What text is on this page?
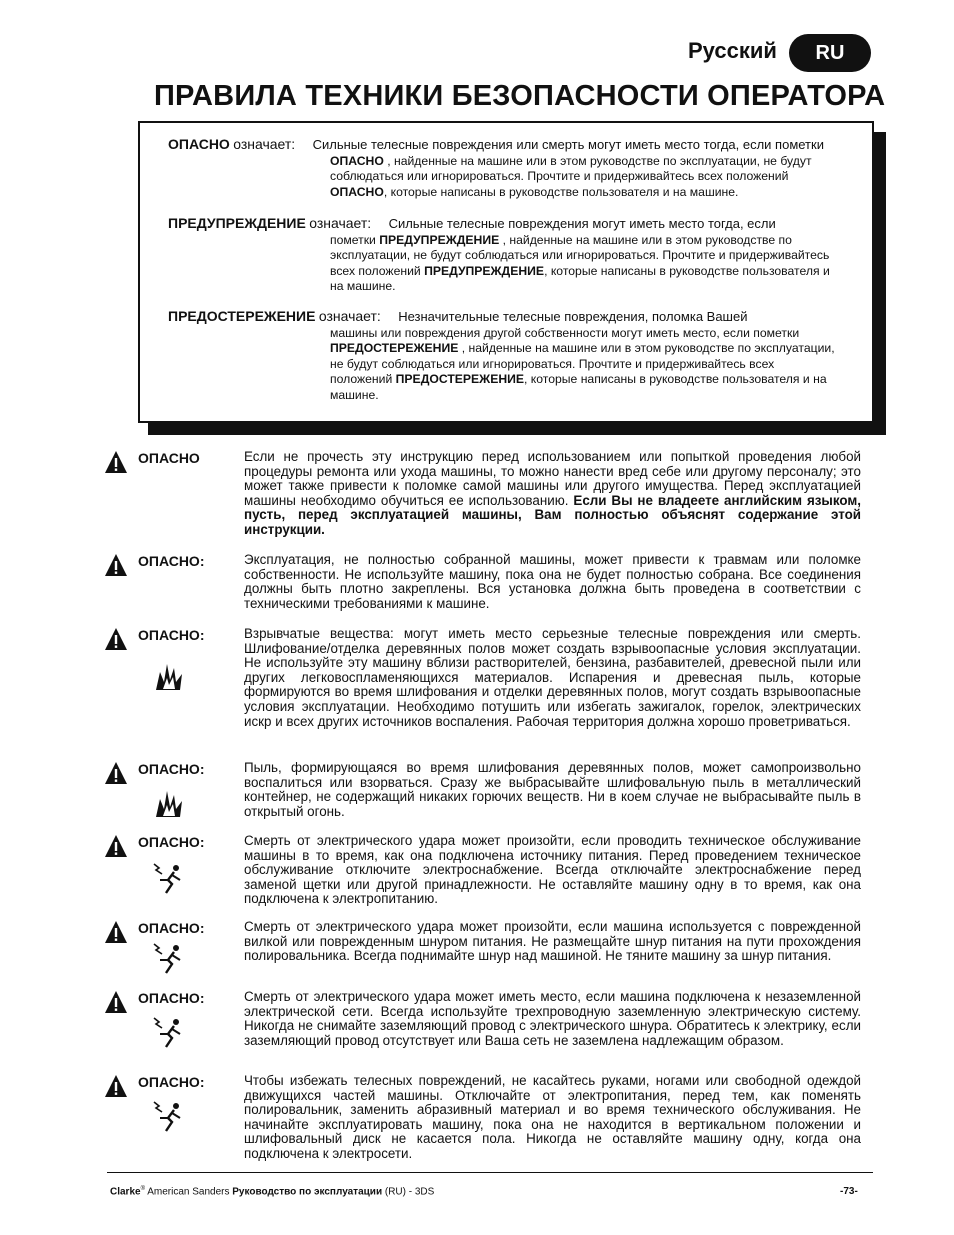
Русский	RU
ПРАВИЛА ТЕХНИКИ БЕЗОПАСНОСТИ ОПЕРАТОРА
ОПАСНО означает: Сильные телесные повреждения или смерть могут иметь место тогда, если пометки
ОПАСНО , найденные на машине или в этом руководстве по эксплуатации, не будут
соблюдаться или игнорироваться. Прочтите и придерживайтесь всех положений
ОПАСНО, которые написаны в руководстве пользователя и на машине.
ПРЕДУПРЕЖДЕНИЕ означает: Сильные телесные повреждения могут иметь место тогда, если
пометки ПРЕДУПРЕЖДЕНИЕ , найденные на машине или в этом руководстве по
эксплуатации, не будут соблюдаться или игнорироваться. Прочтите и придерживайтесь
всех положений ПРЕДУПРЕЖДЕНИЕ, которые написаны в руководстве пользователя и
на машине.
ПРЕДОСТЕРЕЖЕНИЕ означает: Незначительные телесные повреждения, поломка Вашей
машины или повреждения другой собственности могут иметь место, если пометки
ПРЕДОСТЕРЕЖЕНИЕ , найденные на машине или в этом руководстве по эксплуатации,
не будут соблюдаться или игнорироваться. Прочтите и придерживайтесь всех
положений ПРЕДОСТЕРЕЖЕНИЕ, которые написаны в руководстве пользователя и на
машине.
ОПАСНО	Если не прочесть эту инструкцию перед использованием или попыткой проведения любой процедуры ремонта или ухода машины, то можно нанести вред себе или другому персоналу; это может также привести к поломке самой машины или другого имущества. Перед эксплуатацией машины необходимо обучиться ее использованию. Если Вы не владеете английским языком, пусть, перед эксплуатацией машины, Вам полностью объяснят содержание этой инструкции.
ОПАСНО:	Эксплуатация, не полностью собранной машины, может привести к травмам или поломке собственности. Не используйте машину, пока она не будет полностью собрана. Все соединения должны быть плотно закреплены. Вся установка должна быть проведена в соответствии с техническими требованиями к машине.
ОПАСНО:	Взрывчатые вещества: могут иметь место серьезные телесные повреждения или смерть. Шлифование/отделка деревянных полов может создать взрывоопасные условия эксплуатации. Не используйте эту машину вблизи растворителей, бензина, разбавителей, древесной пыли или других легковоспламеняющихся материалов. Испарения и древесная пыль, которые формируются во время шлифования и отделки деревянных полов, могут создать взрывоопасные условия эксплуатации. Необходимо потушить или избегать зажигалок, горелок, электрических искр и всех других источников воспаления. Рабочая территория должна хорошо проветриваться.
ОПАСНО:	Пыль, формирующаяся во время шлифования деревянных полов, может самопроизвольно воспалиться или взорваться. Сразу же выбрасывайте шлифовальную пыль в металлический контейнер, не содержащий никаких горючих веществ. Ни в коем случае не выбрасывайте пыль в открытый огонь.
ОПАСНО:	Смерть от электрического удара может произойти, если проводить техническое обслуживание машины в то время, как она подключена источнику питания. Перед проведением техническое обслуживание отключите электроснабжение. Всегда отключайте электроснабжение перед заменой щетки или другой принадлежности. Не оставляйте машину одну в то время, как она подключена к электропитанию.
ОПАСНО:	Смерть от электрического удара может произойти, если машина используется с поврежденной вилкой или поврежденным шнуром питания. Не размещайте шнур питания на пути прохождения полировальника. Всегда поднимайте шнур над машиной. Не тяните машину за шнур питания.
ОПАСНО:	Смерть от электрического удара может иметь место, если машина подключена к незаземленной электрической сети. Всегда используйте трехпроводную заземленную электрическую систему. Никогда не снимайте заземляющий провод с электрического шнура. Обратитесь к электрику, если заземляющий провод отсутствует или Ваша сеть не заземлена надлежащим образом.
ОПАСНО:	Чтобы избежать телесных повреждений, не касайтесь руками, ногами или свободной одеждой движущихся частей машины. Отключайте от электропитания, перед тем, как поменять полировальник, заменить абразивный материал и во время технического обслуживания. Не начинайте эксплуатировать машину, пока она не находится в вертикальном положении и шлифовальный диск не касается пола. Никогда не оставляйте машину одну, когда она подключена к электросети.
Clarke® American Sanders Руководство по эксплуатации (RU) - 3DS	-73-
